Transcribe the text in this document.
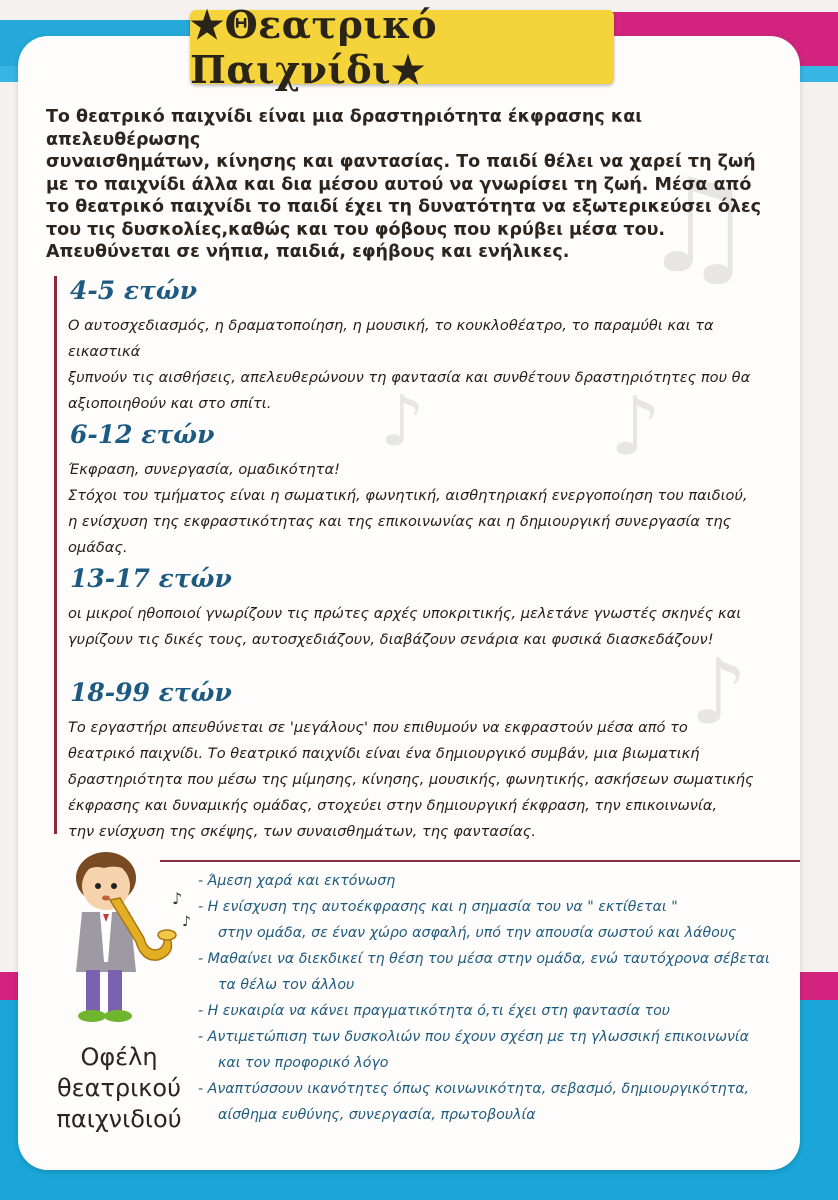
♫
♪
♪
♪
★Θεατρικό Παιχνίδι★

Το θεατρικό παιχνίδι είναι μια δραστηριότητα έκφρασης και απελευθέρωσης

συναισθημάτων, κίνησης και φαντασίας. Το παιδί θέλει να χαρεί τη ζωή

με το παιχνίδι άλλα και δια μέσου αυτού να γνωρίσει τη ζωή. Μέσα από

το θεατρικό παιχνίδι το παιδί έχει τη δυνατότητα να εξωτερικεύσει όλες

του τις δυσκολίες,καθώς και του φόβους που κρύβει μέσα του.

Απευθύνεται σε νήπια, παιδιά, εφήβους και ενήλικες.

4-5 ετών

Ο αυτοσχεδιασμός, η δραματοποίηση, η μουσική, το κουκλοθέατρο, το παραμύθι και τα εικαστικά

ξυπνούν τις αισθήσεις, απελευθερώνουν τη φαντασία και συνθέτουν δραστηριότητες που θα

αξιοποιηθούν και στο σπίτι.

6-12 ετών

Έκφραση, συνεργασία, ομαδικότητα!

Στόχοι του τμήματος είναι η σωματική, φωνητική, αισθητηριακή ενεργοποίηση του παιδιού,

η ενίσχυση της εκφραστικότητας και της επικοινωνίας και η δημιουργική συνεργασία της ομάδας.

13-17 ετών

οι μικροί ηθοποιοί γνωρίζουν τις πρώτες αρχές υποκριτικής, μελετάνε γνωστές σκηνές και

γυρίζουν τις δικές τους, αυτοσχεδιάζουν, διαβάζουν σενάρια και φυσικά διασκεδάζουν!

18-99 ετών

Το εργαστήρι απευθύνεται σε 'μεγάλους' που επιθυμούν να εκφραστούν μέσα από το

θεατρικό παιχνίδι. Το θεατρικό παιχνίδι είναι ένα δημιουργικό συμβάν, μια βιωματική

δραστηριότητα που μέσω της μίμησης, κίνησης, μουσικής, φωνητικής, ασκήσεων σωματικής

έκφρασης και δυναμικής ομάδας, στοχεύει στην δημιουργική έκφραση, την επικοινωνία,

την ενίσχυση της σκέψης, των συναισθημάτων, της φαντασίας.

♪
♪
- Άμεση χαρά και εκτόνωση
- Η ενίσχυση της αυτοέκφρασης και η σημασία του να " εκτίθεται "
στην ομάδα, σε έναν χώρο ασφαλή, υπό την απουσία σωστού και λάθους
- Μαθαίνει να διεκδικεί τη θέση του μέσα στην ομάδα, ενώ ταυτόχρονα σέβεται
τα θέλω τον άλλου
- Η ευκαιρία να κάνει πραγματικότητα ό,τι έχει στη φαντασία του
- Αντιμετώπιση των δυσκολιών που έχουν σχέση με τη γλωσσική επικοινωνία
και τον προφορικό λόγο
- Αναπτύσσουν ικανότητες όπως κοινωνικότητα, σεβασμό, δημιουργικότητα,
αίσθημα ευθύνης, συνεργασία, πρωτοβουλία
Οφέλη
θεατρικού
παιχνιδιού
